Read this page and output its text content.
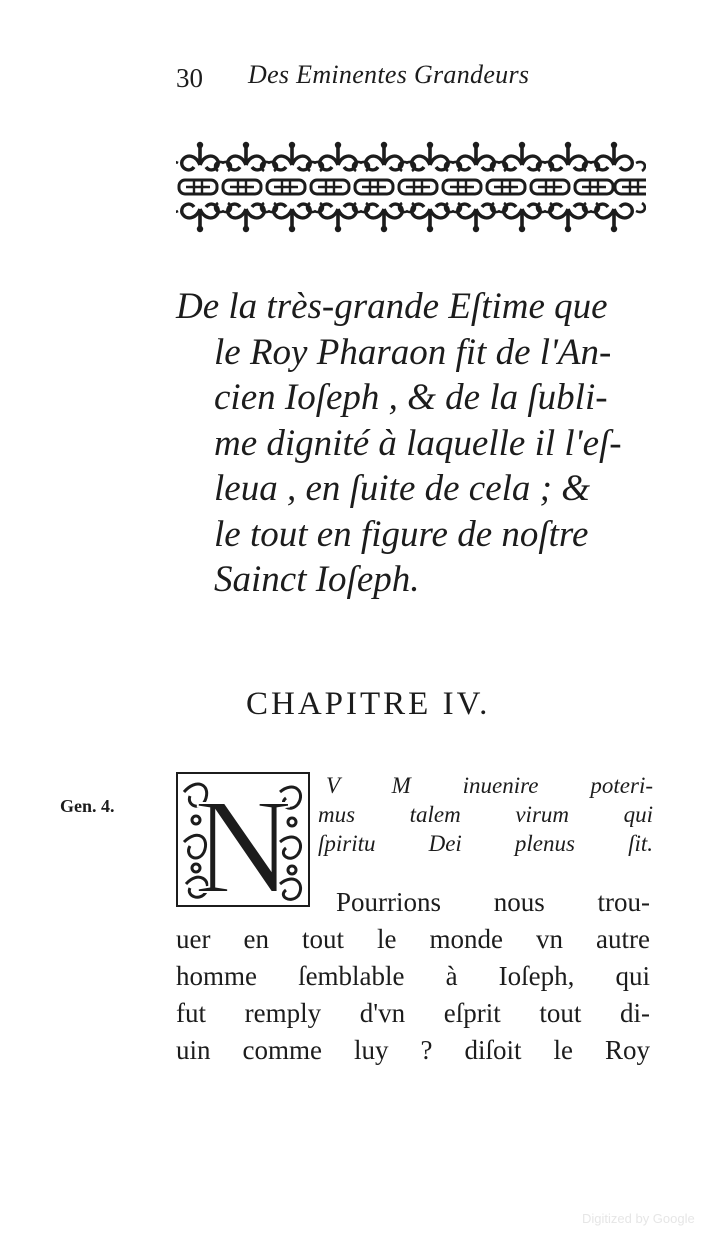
30 Des Eminentes Grandeurs
De la très-grande Eſtime que
le Roy Pharaon fit de l'An-
cien Ioſeph , & de la ſubli-
me dignité à laquelle il l'eſ-
leua , en ſuite de cela ; &
le tout en figure de noſtre
Sainct Ioſeph.
CHAPITRE IV.
Gen. 4. N	V M inuenire poteri-
mus talem virum qui
ſpiritu Dei plenus ſit.
Pourrions nous trou-
uer en tout le monde vn autre
homme ſemblable à Ioſeph, qui
fut remply d'vn eſprit tout di-
uin comme luy ? diſoit le Roy
Digitized by Google
